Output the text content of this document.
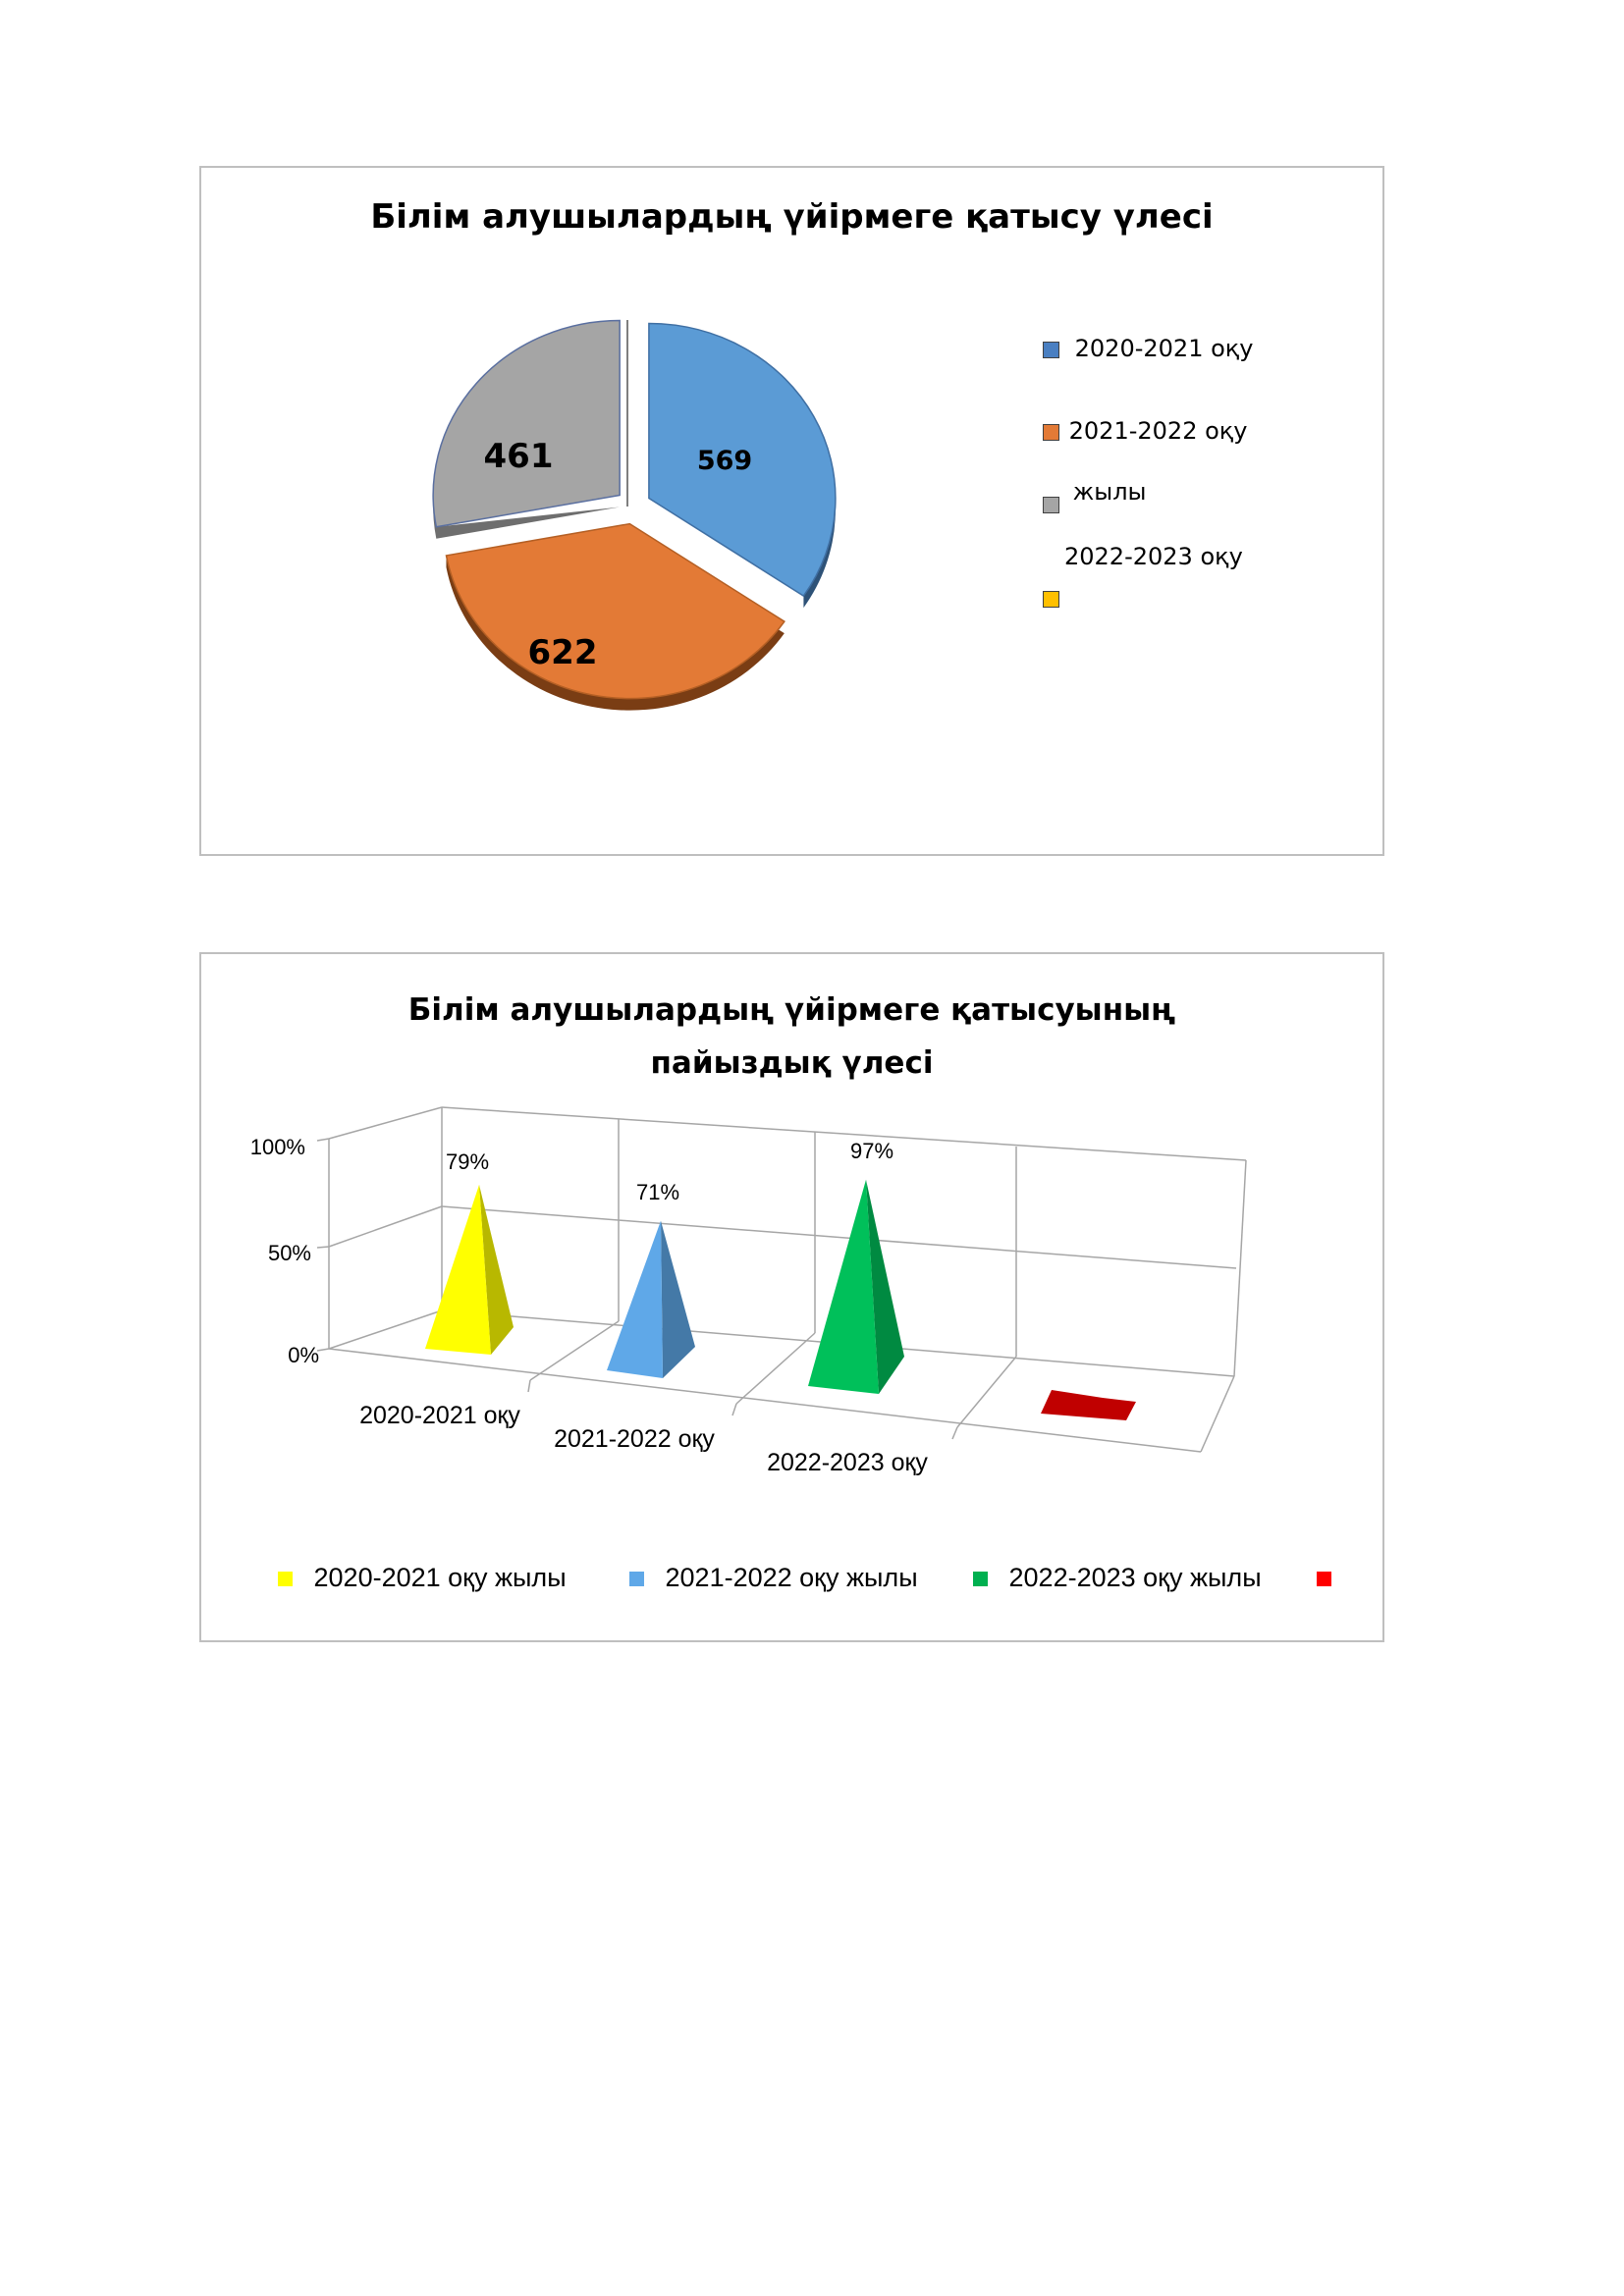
Білім алушылардың үйірмеге қатысу үлесі
569
622
461
2020-2021 оқу
2021-2022 оқу
жылы
2022-2023 оқу
Білім алушылардың үйірмеге қатысуының
пайыздық үлесі
100%
50%
0%
79%
71%
97%
2020-2021 оқу
2021-2022 оқу
2022-2023 оқу
2020-2021 оқу жылы	2021-2022 оқу жылы	2022-2023 оқу жылы
